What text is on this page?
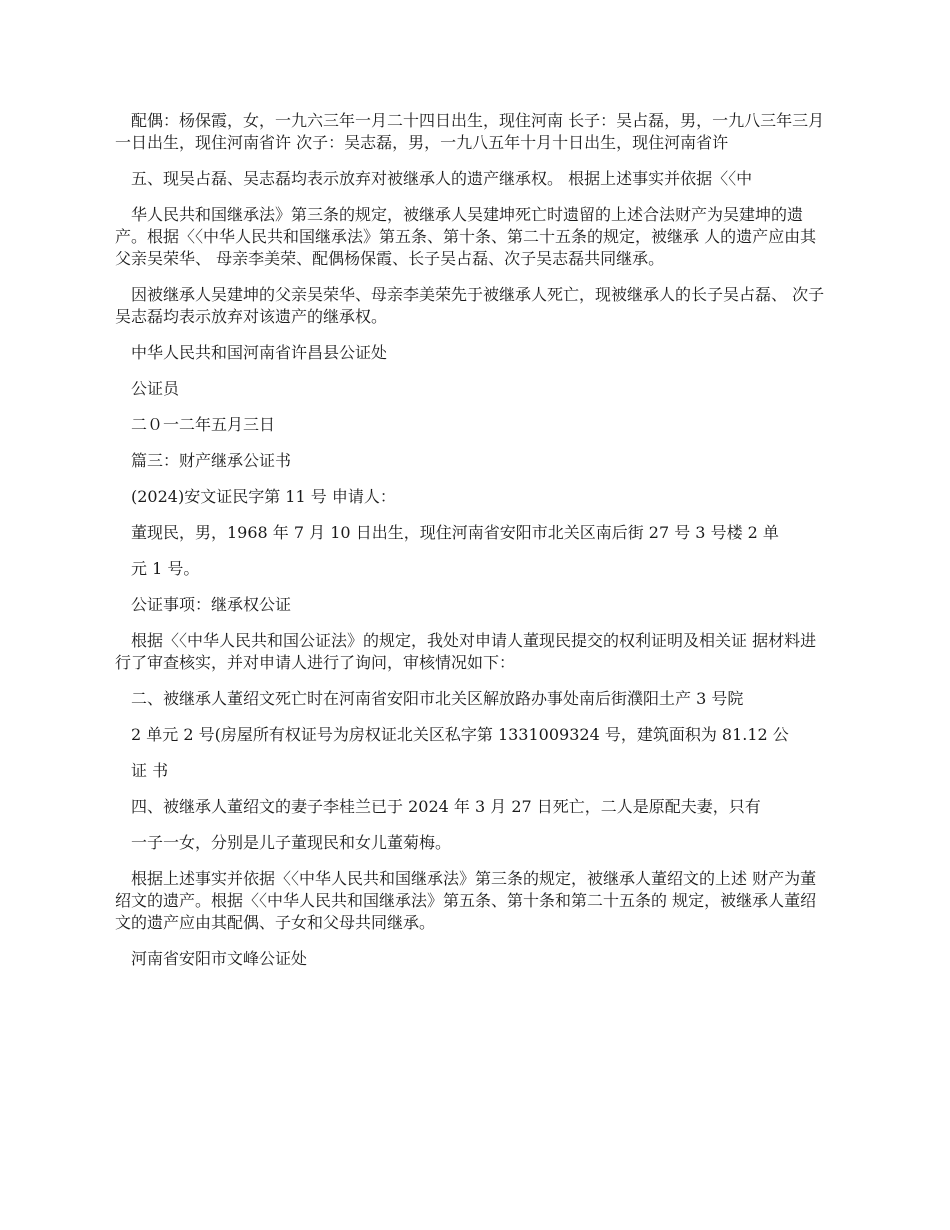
配偶：杨保霞，女，一九六三年一月二十四日出生，现住河南 长子：吴占磊，男，一九八三年三月一日出生，现住河南省许 次子：吴志磊，男，一九八五年十月十日出生，现住河南省许

五、现吴占磊、吴志磊均表示放弃对被继承人的遗产继承权。 根据上述事实并依据〈〈中

华人民共和国继承法》第三条的规定，被继承人吴建坤死亡时遗留的上述合法财产为吴建坤的遗产。根据〈〈中华人民共和国继承法》第五条、第十条、第二十五条的规定，被继承 人的遗产应由其父亲吴荣华、 母亲李美荣、配偶杨保霞、长子吴占磊、次子吴志磊共同继承。

因被继承人吴建坤的父亲吴荣华、母亲李美荣先于被继承人死亡，现被继承人的长子吴占磊、 次子吴志磊均表示放弃对该遗产的继承权。

中华人民共和国河南省许昌县公证处

公证员

二０一二年五月三日

篇三：财产继承公证书

(2024)安文证民字第 11 号 申请人：

董现民，男，1968 年 7 月 10 日出生，现住河南省安阳市北关区南后街 27 号 3 号楼 2 单

元 1 号。

公证事项：继承权公证

根据〈〈中华人民共和国公证法》的规定，我处对申请人董现民提交的权利证明及相关证 据材料进行了审查核实，并对申请人进行了询问，审核情况如下：

二、被继承人董绍文死亡时在河南省安阳市北关区解放路办事处南后街濮阳土产 3 号院

2 单元 2 号(房屋所有权证号为房权证北关区私字第 1331009324 号，建筑面积为 81.12 公

证 书

四、被继承人董绍文的妻子李桂兰已于 2024 年 3 月 27 日死亡，二人是原配夫妻，只有

一子一女，分别是儿子董现民和女儿董菊梅。

根据上述事实并依据〈〈中华人民共和国继承法》第三条的规定，被继承人董绍文的上述 财产为董绍文的遗产。根据〈〈中华人民共和国继承法》第五条、第十条和第二十五条的 规定，被继承人董绍文的遗产应由其配偶、子女和父母共同继承。

河南省安阳市文峰公证处
